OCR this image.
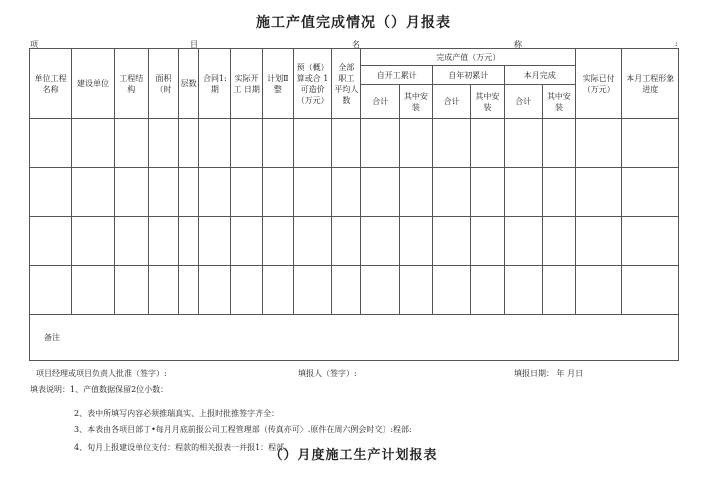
施工产值完成情况（）月报表
项	目	名	称	:
单位工程名称	建设单位	工程结构	面积（时	层数	合同1:期	实际开工 日期	计划Ⅱ整	预（概）算或合 1可造价（万元）	全部 职工 平均人数	完成产值（万元）						实际已付（万元）	本月工程形象进度
										自开工累计		自年初累计		本月完成			
										合计	其中安装	合计	其中安装	合计	其中安装		

备注																	
项目经理或项目负责人批准（签字）:	填报人（签字）:	填报日期： 年 月日
填表说明：1、产值数据保留2位小数：
2、表中所填写内容必须推瑞真实、上报时批推签字齐全：
3、本表由各项目部丁•每月月底前报公司工程管理部（传真亦可〉.原件在周六例会时交〕:程部:
4、旬月上报建设单位支付：程款的相关报表一并报1：程部。
（）月度施工生产计划报表
